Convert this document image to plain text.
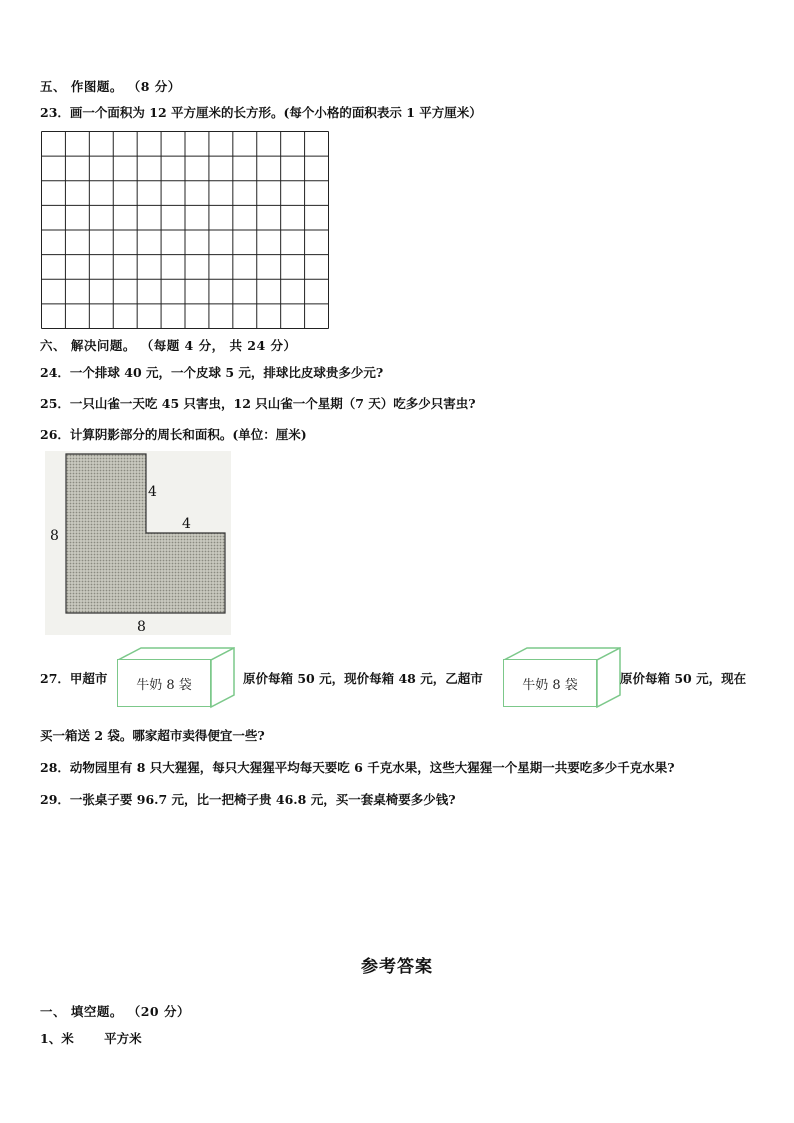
五、 作图题。 （8 分）
23．画一个面积为 12 平方厘米的长方形。(每个小格的面积表示 1 平方厘米）
六、 解决问题。 （每题 4 分， 共 24 分）
24．一个排球 40 元，一个皮球 5 元，排球比皮球贵多少元?
25．一只山雀一天吃 45 只害虫，12 只山雀一个星期（7 天）吃多少只害虫?
26．计算阴影部分的周长和面积。(单位：厘米)
4
4
8
8
27．甲超市	牛奶 8 袋	原价每箱 50 元，现价每箱 48 元，乙超市	牛奶 8 袋	原价每箱 50 元，现在
买一箱送 2 袋。哪家超市卖得便宜一些?
28．动物园里有 8 只大猩猩，每只大猩猩平均每天要吃 6 千克水果，这些大猩猩一个星期一共要吃多少千克水果?
29．一张桌子要 96.7 元，比一把椅子贵 46.8 元，买一套桌椅要多少钱?
参考答案
一、 填空题。 （20 分）
1、米       平方米
